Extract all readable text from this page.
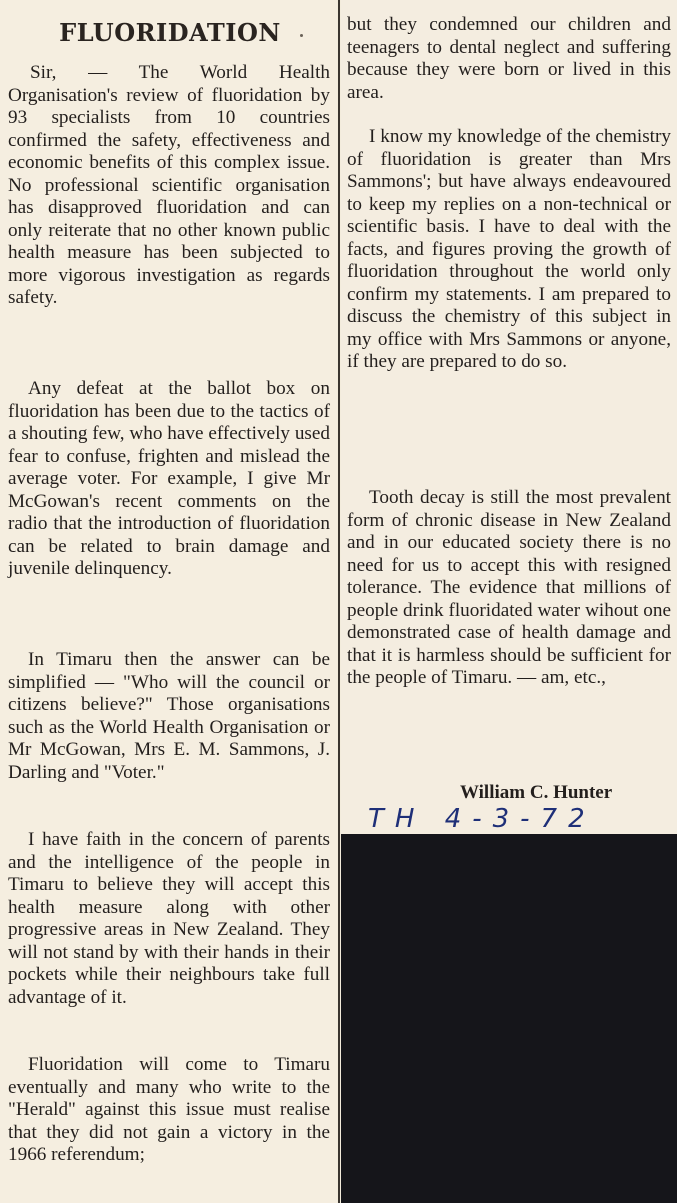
FLUORIDATION

Sir, — The World Health Organisation's review of fluoridation by 93 specialists from 10 countries confirmed the safety, effectiveness and economic benefits of this complex issue. No professional scientific organisation has disapproved fluoridation and can only reiterate that no other known public health measure has been subjected to more vigorous investigation as regards safety.

Any defeat at the ballot box on fluoridation has been due to the tactics of a shouting few, who have effectively used fear to confuse, frighten and mislead the average voter. For example, I give Mr McGowan's recent comments on the radio that the introduction of fluoridation can be related to brain damage and juvenile delinquency.

In Timaru then the answer can be simplified — "Who will the council or citizens believe?" Those organisations such as the World Health Organisation or Mr McGowan, Mrs E. M. Sammons, J. Darling and "Voter."

I have faith in the concern of parents and the intelligence of the people in Timaru to believe they will accept this health measure along with other progressive areas in New Zealand. They will not stand by with their hands in their pockets while their neighbours take full advantage of it.

Fluoridation will come to Timaru eventually and many who write to the "Herald" against this issue must realise that they did not gain a victory in the 1966 referendum;

but they condemned our children and teenagers to dental neglect and suffering because they were born or lived in this area.

I know my knowledge of the chemistry of fluoridation is greater than Mrs Sammons'; but have always endeavoured to keep my replies on a non-technical or scientific basis. I have to deal with the facts, and figures proving the growth of fluoridation throughout the world only confirm my statements. I am prepared to discuss the chemistry of this subject in my office with Mrs Sammons or anyone, if they are prepared to do so.

Tooth decay is still the most prevalent form of chronic disease in New Zealand and in our educated society there is no need for us to accept this with resigned tolerance. The evidence that millions of people drink fluoridated water wihout one demonstrated case of health damage and that it is harmless should be sufficient for the people of Timaru. — am, etc.,

William C. Hunter
TH 4-3-72
